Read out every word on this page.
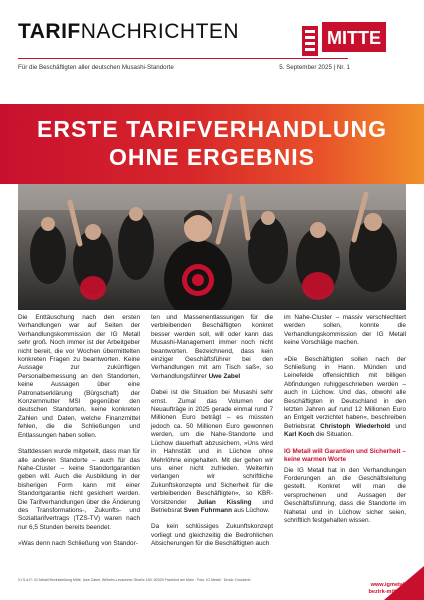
TARIFNACHRICHTEN
Für die Beschäftigten aller deutschen Musashi-Standorte	5. September 2025 | Nr. 1
MITTE
ERSTE TARIFVERHANDLUNG
OHNE ERGEBNIS

Die Enttäuschung nach den ersten Verhandlungen war auf Seiten der Verhandlungskommission der IG Metall sehr groß. Noch immer ist der Arbeitgeber nicht bereit, die vor Wochen übermittelten konkreten Fragen zu beantworten. Keine Aussage zur zukünftigen Personalbemessung an den Standorten, keine Aussagen über eine Patronatserklärung (Bürgschaft) der Konzernmutter MSI gegenüber den deutschen Standorten, keine konkreten Zahlen und Daten, welche Finanzmittel fehlen, die die Schließungen und Entlassungen haben sollen.

Stattdessen wurde mitgeteilt, dass man für alle anderen Standorte – auch für das Nahe-Cluster – keine Standortgarantien geben will. Auch die Ausbildung in der bisherigen Form kann mit einer Standortgarantie nicht gesichert werden. Die Tarifverhandlungen über die Änderung des Transformations-, Zukunfts- und Sozialtarifvertrags (TZS-TV) waren nach nur 6,5 Stunden bereits beendet.

»Was denn nach Schließung von Standor-

ten und Massenentlassungen für die verbleibenden Beschäftigten konkret besser werden soll, will oder kann das Musashi-Management immer noch nicht beantworten. Bezeichnend, dass kein einziger Geschäftsführer bei den Verhandlungen mit am Tisch saß«, so Verhandlungsführer Uwe Zabel

Dabei ist die Situation bei Musashi sehr ernst. Zumal das Volumen der Neuaufträge in 2025 gerade einmal rund 7 Millionen Euro beträgt – es müssten jedoch ca. 50 Millionen Euro gewonnen werden, um die Nahe-Standorte und Lüchow dauerhaft abzusichern, »Uns wird in Hahnstätt und in Lüchow ohne Mehrlöhne eingehalten. Mit der gehen wir uns einer nicht zufrieden. Weiterhin verlangen wir schriftliche Zukunftskonzepte und Sicherheit für die verbleibenden Beschäftigten«, so KBR-Vorsitzender Julian Kissling und Betriebsrat Sven Fuhrmann aus Lüchow.

Da kein schlüssiges Zukunftskonzept vorliegt und gleichzeitig die Bedrohlichen Absicherungen für die Beschäftigten auch

im Nahe-Cluster – massiv verschlechtert werden sollen, konnte die Verhandlungskommission der IG Metall keine Vorschläge machen.

»Die Beschäftigten sollen nach der Schließung in Hann. Münden und Leinefelde offensichtlich mit billigen Abfindungen ruhiggeschrieben werden – auch in Lüchow. Und das, obwohl alle Beschäftigten in Deutschland in den letzten Jahren auf rund 12 Millionen Euro an Entgelt verzichtet haben«, beschreiben Betriebsrat Christoph Wiederhold und Karl Koch die Situation.

IG Metall will Garantien und Sicherheit –
keine warmen Worte

Die IG Metall hat in den Verhandlungen Forderungen an die Geschäftsleitung gestellt. Konkret will man die versprochenen und Aussagen der Geschäftsführung, dass die Standorte im Nahetal und in Lüchow sicher seien, schriftlich festgehalten wissen.

V.i.S.d.P.: IG Metall Bezirksleitung Mitte, Uwe Zabel, Wilhelm-Leuschner-Straße 169, 60329 Frankfurt am Main · Foto: IG Metall · Druck: Druckerei
www.igmetall-
bezirk-mitte.de
